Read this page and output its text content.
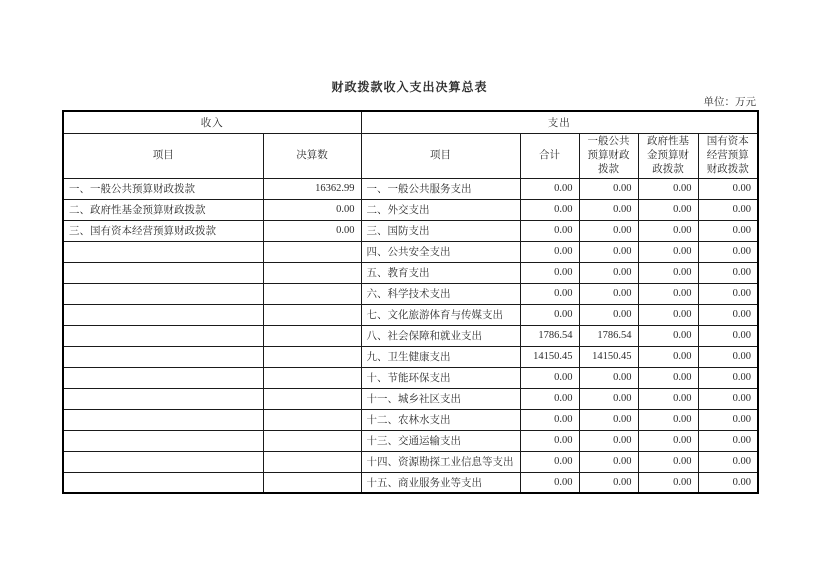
财政拨款收入支出决算总表
单位：万元
收入		支出				
项目	决算数	项目	合计	一般公共预算财政拨款	政府性基金预算财政拨款	国有资本经营预算财政拨款
一、一般公共预算财政拨款	16362.99	一、一般公共服务支出	0.00	0.00	0.00	0.00
二、政府性基金预算财政拨款	0.00	二、外交支出	0.00	0.00	0.00	0.00
三、国有资本经营预算财政拨款	0.00	三、国防支出	0.00	0.00	0.00	0.00
		四、公共安全支出	0.00	0.00	0.00	0.00
		五、教育支出	0.00	0.00	0.00	0.00
		六、科学技术支出	0.00	0.00	0.00	0.00
		七、文化旅游体育与传媒支出	0.00	0.00	0.00	0.00
		八、社会保障和就业支出	1786.54	1786.54	0.00	0.00
		九、卫生健康支出	14150.45	14150.45	0.00	0.00
		十、节能环保支出	0.00	0.00	0.00	0.00
		十一、城乡社区支出	0.00	0.00	0.00	0.00
		十二、农林水支出	0.00	0.00	0.00	0.00
		十三、交通运输支出	0.00	0.00	0.00	0.00
		十四、资源勘探工业信息等支出	0.00	0.00	0.00	0.00
		十五、商业服务业等支出	0.00	0.00	0.00	0.00
